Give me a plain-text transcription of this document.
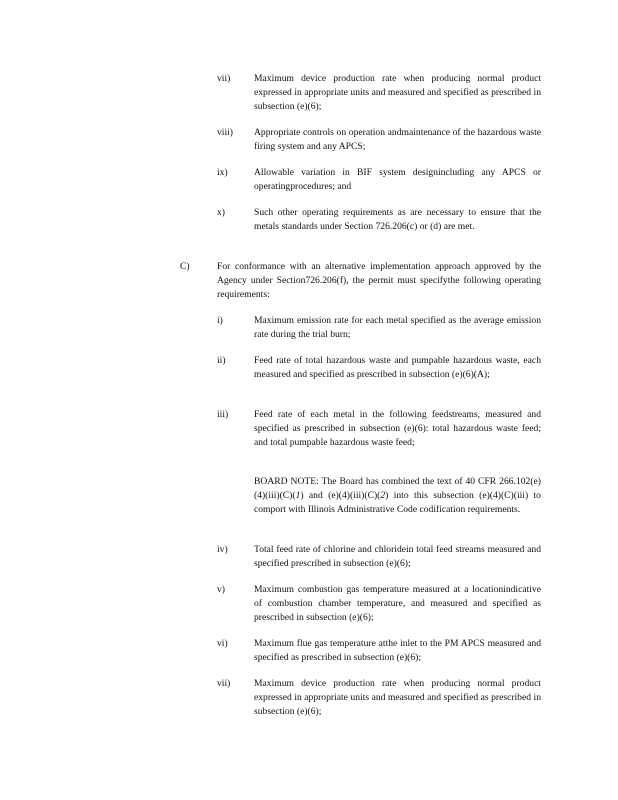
vii) Maximum device production rate when producing normal product expressed in appropriate units and measured and specified as prescribed in subsection (e)(6);
viii) Appropriate controls on operation andmaintenance of the hazardous waste firing system and any APCS;
ix)	Allowable variation in BIF system designincluding any APCS or operatingprocedures; and
x)	Such other operating requirements as are necessary to ensure that the metals standards under Section 726.206(c) or (d) are met.
C)	For conformance with an alternative implementation approach approved by the Agency under Section726.206(f), the permit must specifythe following operating requirements:
i)	Maximum emission rate for each metal specified as the average emission rate during the trial burn;
ii)	Feed rate of total hazardous waste and pumpable hazardous waste, each measured and specified as prescribed in subsection (e)(6)(A);
iii)	Feed rate of each metal in the following feedstreams, measured and specified as prescribed in subsection (e)(6): total hazardous waste feed; and total pumpable hazardous waste feed;
BOARD NOTE: The Board has combined the text of 40 CFR 266.102(e)(4)(iii)(C)(1) and (e)(4)(iii)(C)(2) into this subsection (e)(4)(C)(iii) to comport with Illinois Administrative Code codification requirements.
iv)	Total feed rate of chlorine and chloridein total feed streams measured and specified prescribed in subsection (e)(6);
v)	Maximum combustion gas temperature measured at a locationindicative of combustion chamber temperature, and measured and specified as prescribed in subsection (e)(6);
vi)	Maximum flue gas temperature atthe inlet to the PM APCS measured and specified as prescribed in subsection (e)(6);
vii) Maximum device production rate when producing normal product expressed in appropriate units and measured and specified as prescribed in subsection (e)(6);
